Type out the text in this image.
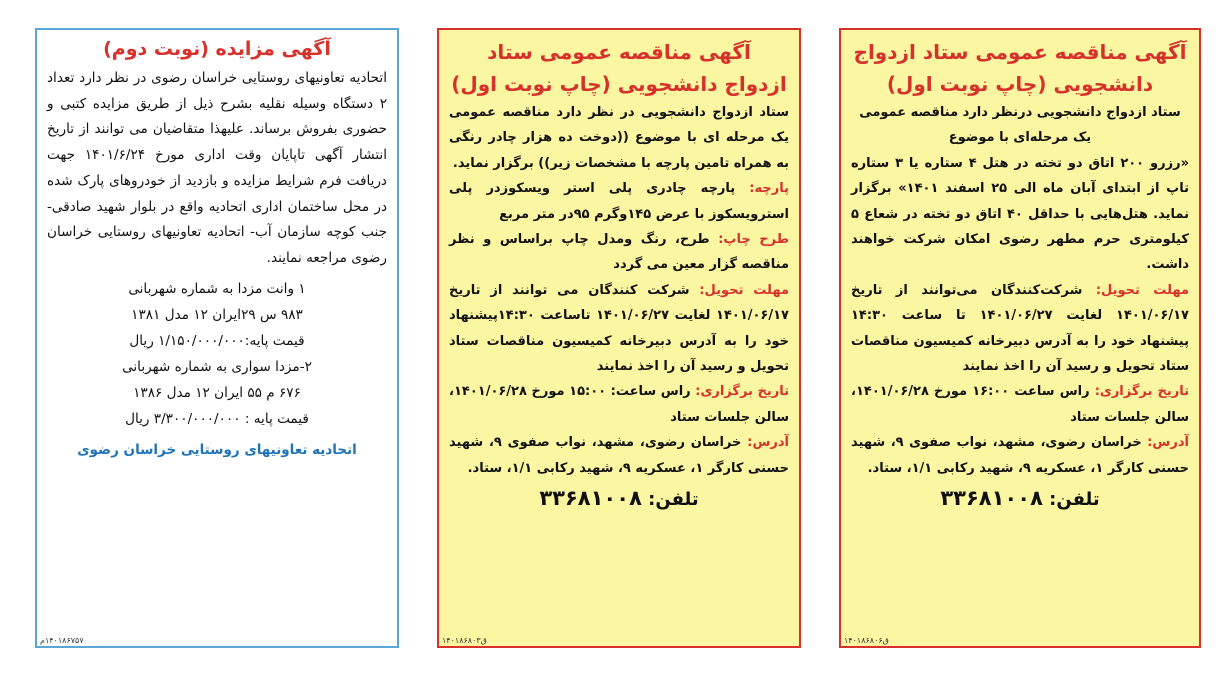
آگهی مزایده (نوبت دوم)
اتحادیه تعاونیهای روستایی خراسان رضوی در نظر دارد تعداد ۲ دستگاه وسیله نقلیه بشرح ذیل از طریق مزایده کتبی و حضوری بفروش برساند. علیهذا متقاضیان می توانند از تاریخ انتشار آگهی تاپایان وقت اداری مورخ ۱۴۰۱/۶/۲۴ جهت دریافت فرم شرایط مزایده و بازدید از خودروهای پارک شده در محل ساختمان اداری اتحادیه واقع در بلوار شهید صادقی-جنب کوچه سازمان آب- اتحادیه تعاونیهای روستایی خراسان رضوی مراجعه نمایند.
۱ وانت مزدا به شماره شهربانی
۹۸۳ س ۲۹ایران ۱۲ مدل ۱۳۸۱
قیمت پایه:۱/۱۵۰/۰۰۰/۰۰۰ ریال
۲-مزدا سواری به شماره شهربانی
۶۷۶ م ۵۵ ایران ۱۲ مدل ۱۳۸۶
قیمت پایه : ۳/۳۰۰/۰۰۰/۰۰۰ ریال
اتحادیه تعاونیهای روستایی خراسان رضوی
۱۴۰۱۸۶۷۵۷م
آگهی مناقصه عمومی ستاد
ازدواج دانشجویی (چاپ نوبت اول)
ستاد ازدواج دانشجویی در نظر دارد مناقصه عمومی یک مرحله ای با موضوع ((دوخت ده هزار چادر رنگی به همراه تامین پارچه با مشخصات زیر)) برگزار نماید.
پارچه: پارچه چادری پلی استر ویسکوزدر پلی استرویسکوز با عرض ۱۴۵وگرم ۹۵در متر مربع
طرح چاپ: طرح، رنگ ومدل چاپ براساس و نظر مناقصه گزار معین می گردد
مهلت تحویل: شرکت کنندگان می توانند از تاریخ ۱۴۰۱/۰۶/۱۷ لغایت ۱۴۰۱/۰۶/۲۷ تاساعت ۱۴:۳۰پیشنهاد خود را به آدرس دبیرخانه کمیسیون مناقصات ستاد تحویل و رسید آن را اخذ نمایند
تاریخ برگزاری: راس ساعت: ۱۵:۰۰ مورخ ۱۴۰۱/۰۶/۲۸، سالن جلسات ستاد
آدرس: خراسان رضوی، مشهد، نواب صفوی ۹، شهید حسنی کارگر ۱، عسکریه ۹، شهید رکابی ۱/۱، ستاد.
تلفن: ۳۳۶۸۱۰۰۸
ق۱۴۰۱۸۶۸۰۳
آگهی مناقصه عمومی ستاد ازدواج
دانشجویی (چاپ نوبت اول)
ستاد ازدواج دانشجویی درنظر دارد مناقصه عمومی یک مرحله‌ای با موضوع
«رزرو ۲۰۰ اتاق دو تخته در هتل ۴ ستاره یا ۳ ستاره تاپ از ابتدای آبان ماه الی ۲۵ اسفند ۱۴۰۱» برگزار نماید. هتل‌هایی با حداقل ۴۰ اتاق دو تخته در شعاع ۵ کیلومتری حرم مطهر رضوی امکان شرکت خواهند داشت.
مهلت تحویل: شرکت‌کنندگان می‌توانند از تاریخ ۱۴۰۱/۰۶/۱۷ لغایت ۱۴۰۱/۰۶/۲۷ تا ساعت ۱۴:۳۰ پیشنهاد خود را به آدرس دبیرخانه کمیسیون مناقصات ستاد تحویل و رسید آن را اخذ نمایند
تاریخ برگزاری: راس ساعت ۱۶:۰۰ مورخ ۱۴۰۱/۰۶/۲۸، سالن جلسات ستاد
آدرس: خراسان رضوی، مشهد، نواب صفوی ۹، شهید حسنی کارگر ۱، عسکریه ۹، شهید رکابی ۱/۱، ستاد.
تلفن: ۳۳۶۸۱۰۰۸
ق۱۴۰۱۸۶۸۰۶
